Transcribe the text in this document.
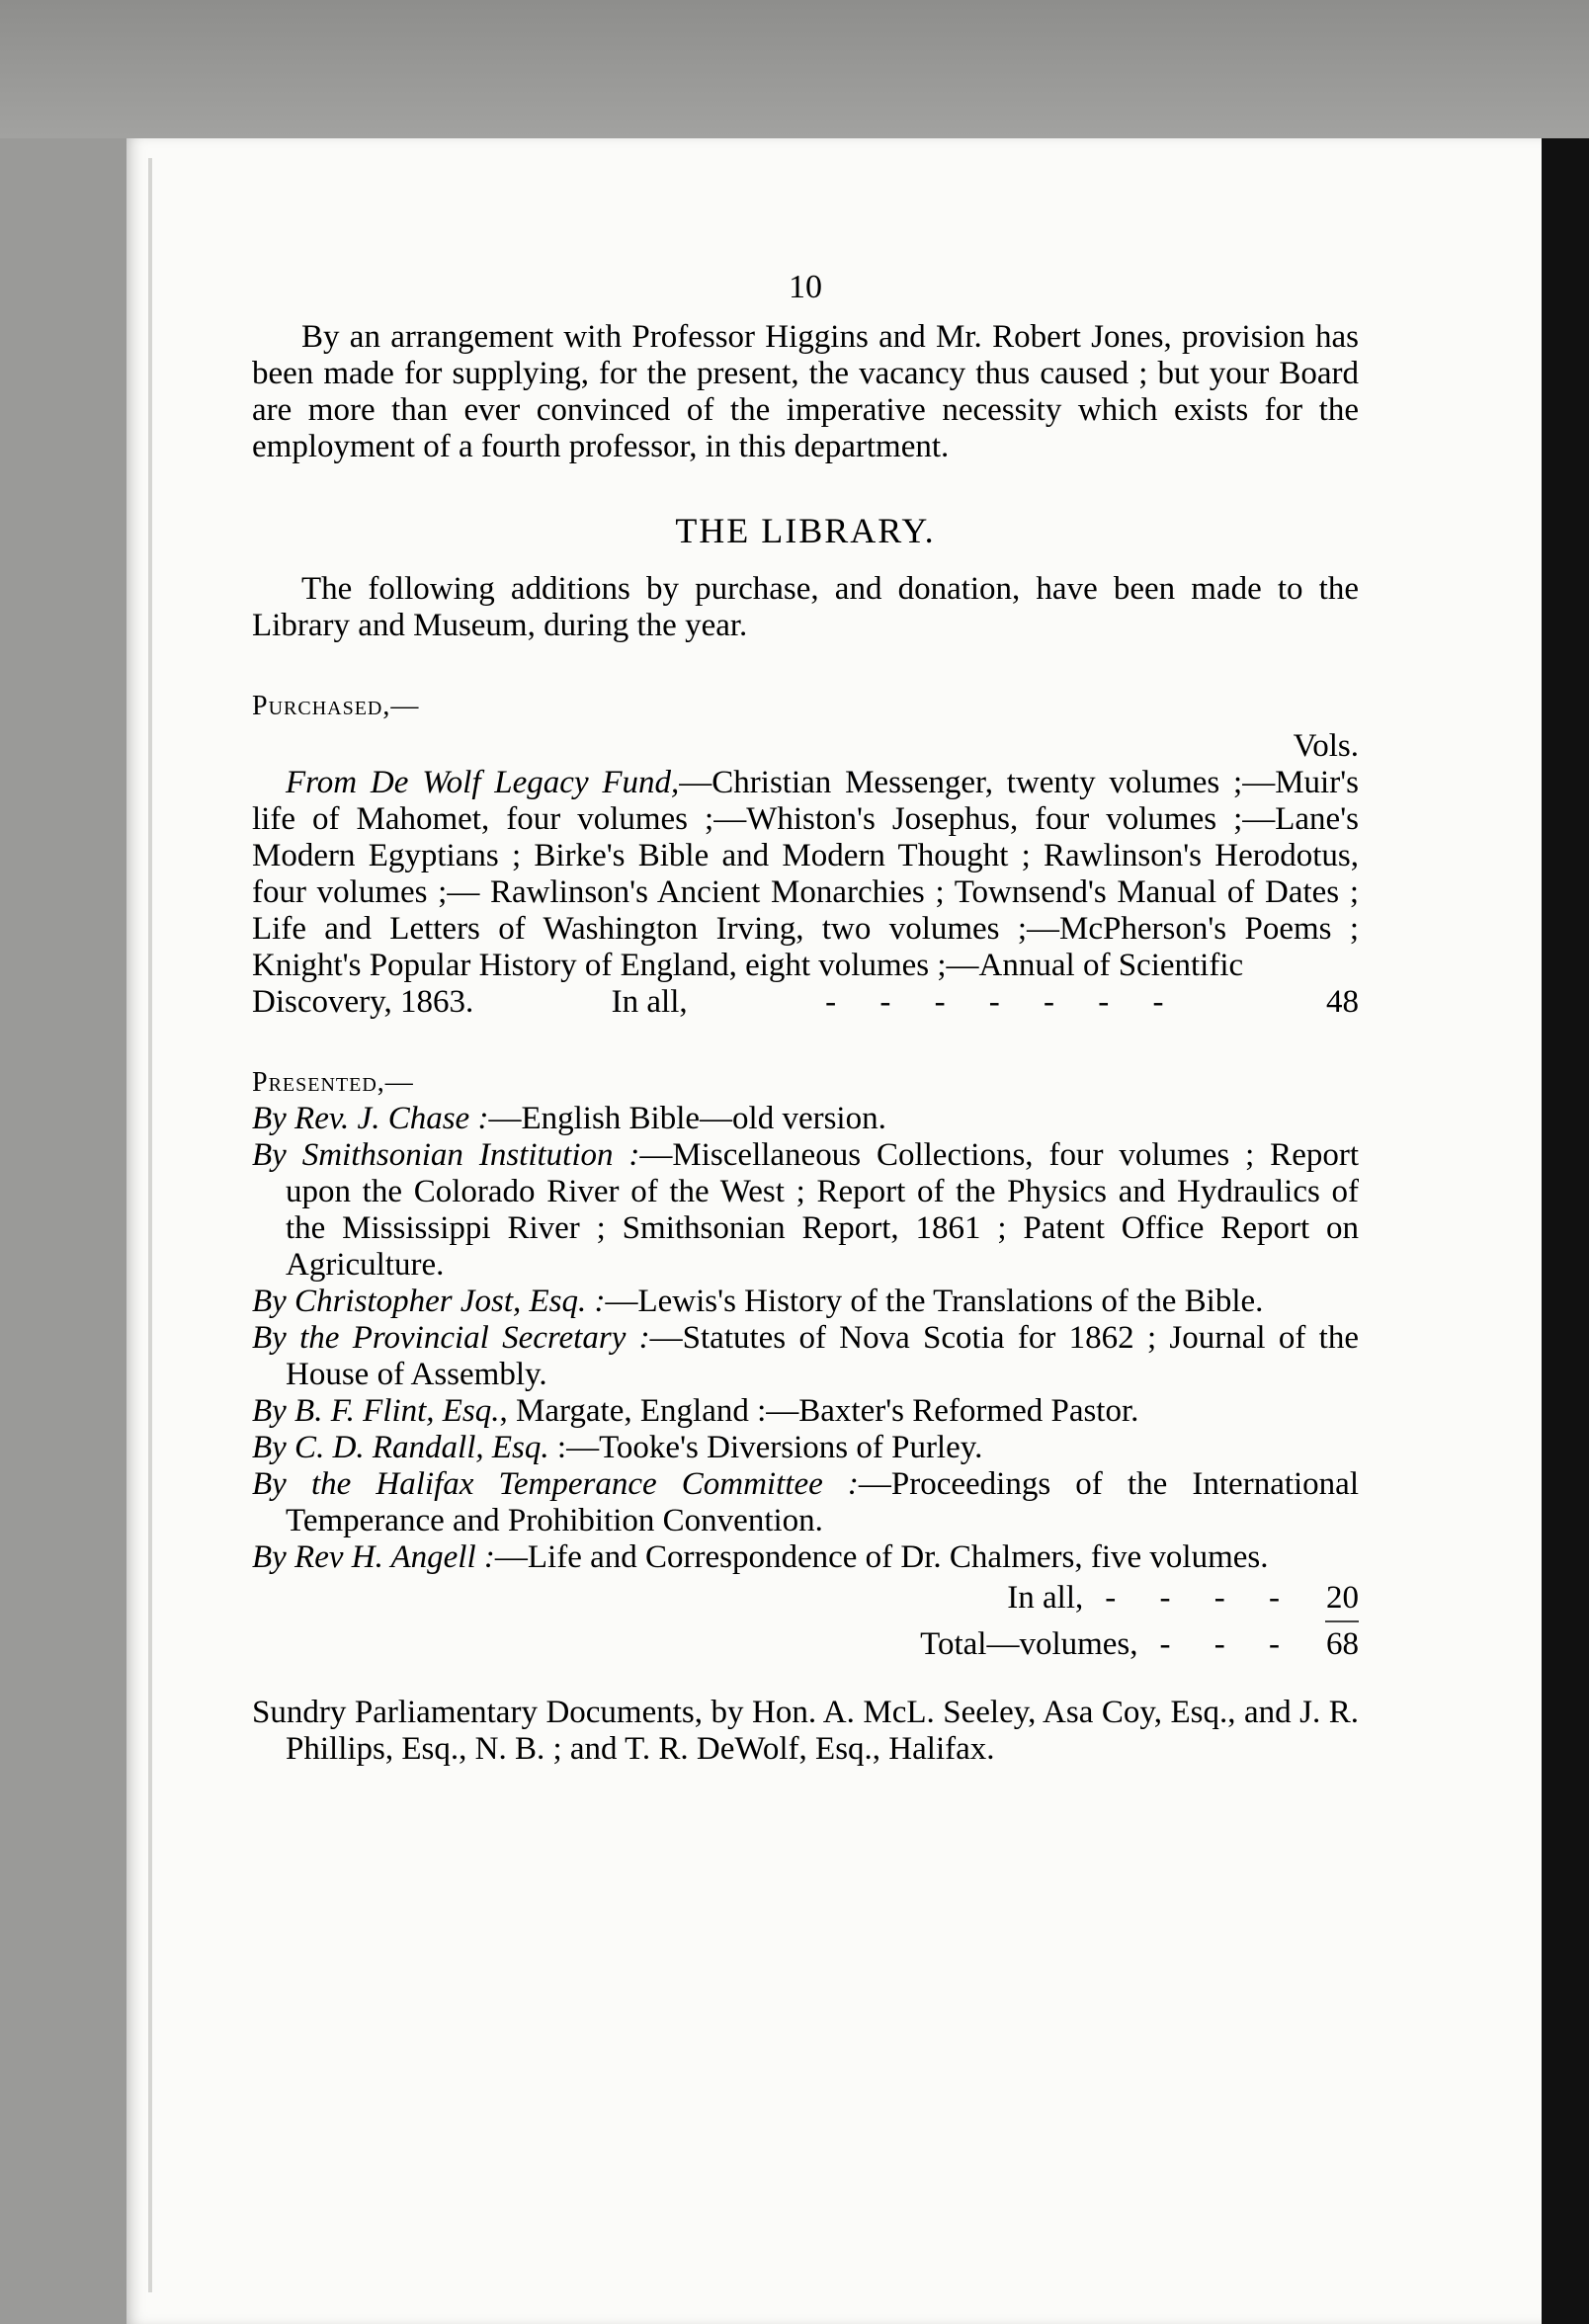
10

By an arrangement with Professor Higgins and Mr. Robert Jones, provision has been made for supplying, for the present, the vacancy thus caused ; but your Board are more than ever convinced of the imperative necessity which exists for the employment of a fourth professor, in this department.

THE LIBRARY.

The following additions by purchase, and donation, have been made to the Library and Museum, during the year.

Purchased,—
Vols.

From De Wolf Legacy Fund,—Christian Messenger, twenty volumes ;—Muir's life of Mahomet, four volumes ;—Whiston's Josephus, four volumes ;—Lane's Modern Egyptians ; Birke's Bible and Modern Thought ; Rawlinson's Herodotus, four volumes ;— Rawlinson's Ancient Monarchies ; Townsend's Manual of Dates ; Life and Letters of Washington Irving, two volumes ;—McPherson's Poems ; Knight's Popular History of England, eight volumes ;—Annual of Scientific

Discovery, 1863.	In all,	- - - - - - -	48
Presented,—

By Rev. J. Chase :—English Bible—old version.

By Smithsonian Institution :—Miscellaneous Collections, four volumes ; Report upon the Colorado River of the West ; Report of the Physics and Hydraulics of the Mississippi River ; Smithsonian Report, 1861 ; Patent Office Report on Agriculture.

By Christopher Jost, Esq. :—Lewis's History of the Translations of the Bible.

By the Provincial Secretary :—Statutes of Nova Scotia for 1862 ; Journal of the House of Assembly.

By B. F. Flint, Esq., Margate, England :—Baxter's Reformed Pastor.

By C. D. Randall, Esq. :—Tooke's Diversions of Purley.

By the Halifax Temperance Committee :—Proceedings of the International Temperance and Prohibition Convention.

By Rev H. Angell :—Life and Correspondence of Dr. Chalmers, five volumes.

In all, - - - - 20
Total—volumes, - - - 68

Sundry Parliamentary Documents, by Hon. A. McL. Seeley, Asa Coy, Esq., and J. R. Phillips, Esq., N. B. ; and T. R. DeWolf, Esq., Halifax.
